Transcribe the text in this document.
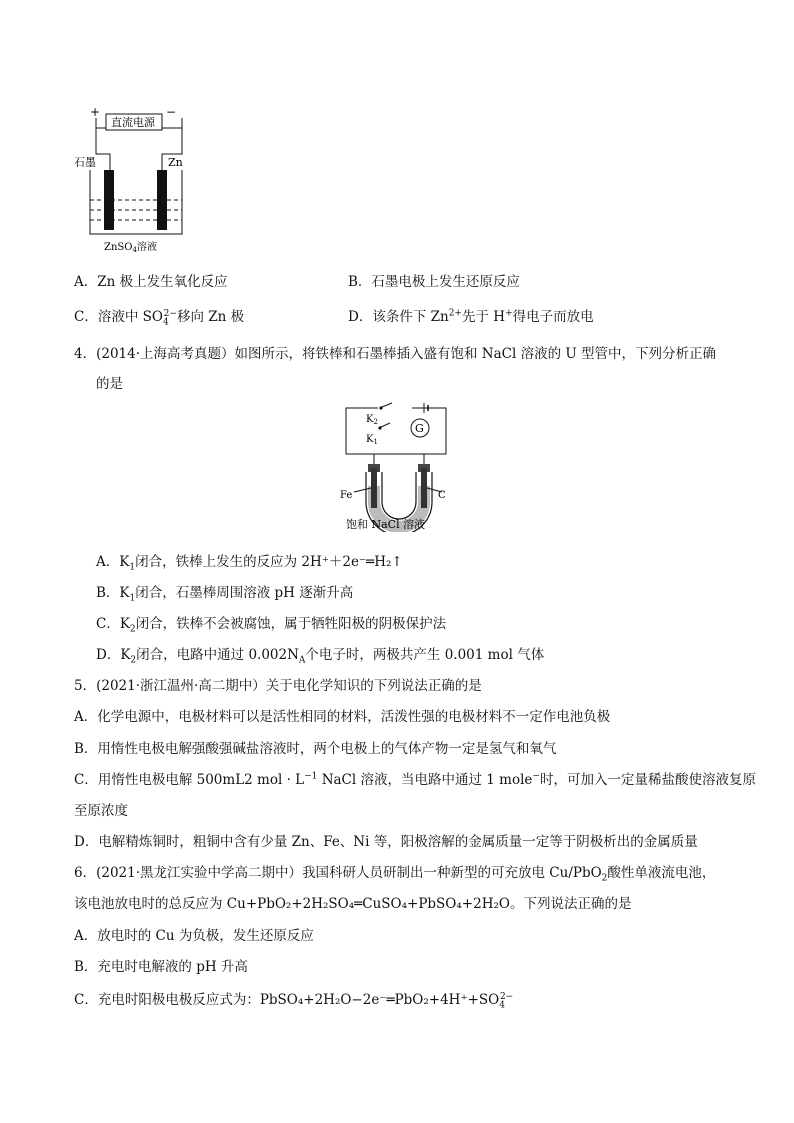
+	−
直流电源
石墨	Zn
ZnSO$_4$溶液
A．Zn 极上发生氧化反应	B．石墨电极上发生还原反应
C．溶液中 $SO_4^{2-}$移向 Zn 极	D．该条件下 $Zn^{2+}$先于 H+得电子而放电
4．(2014·上海高考真题）如图所示，将铁棒和石墨棒插入盛有饱和 NaCl 溶液的 U 型管中，下列分析正确
的是
$K_2$
$K_1$
G
Fe	C
饱和 NaCl 溶液
A．$K_1$闭合，铁棒上发生的反应为 2H⁺＋2e⁻═H₂↑
B．$K_1$闭合，石墨棒周围溶液 pH 逐渐升高
C．$K_2$闭合，铁棒不会被腐蚀，属于牺牲阳极的阴极保护法
D．$K_2$闭合，电路中通过 $0.002N_A$个电子时，两极共产生 0.001 mol 气体
5．(2021·浙江温州·高二期中）关于电化学知识的下列说法正确的是
A．化学电源中，电极材料可以是活性相同的材料，活泼性强的电极材料不一定作电池负极
B．用惰性电极电解强酸强碱盐溶液时，两个电极上的气体产物一定是氢气和氧气
C．用惰性电极电解 500mL2 mol · $L^{-1}$ NaCl 溶液，当电路中通过 1 mole−时，可加入一定量稀盐酸使溶液复原
至原浓度
D．电解精炼铜时，粗铜中含有少量 Zn、Fe、Ni 等，阳极溶解的金属质量一定等于阴极析出的金属质量
6．(2021·黑龙江实验中学高二期中）我国科研人员研制出一种新型的可充放电 Cu/PbO$_2$酸性单液流电池，
该电池放电时的总反应为 Cu+PbO₂+2H₂SO₄═CuSO₄+PbSO₄+2H₂O。下列说法正确的是
A．放电时的 Cu 为负极，发生还原反应
B．充电时电解液的 pH 升高
C．充电时阳极电极反应式为：$PbSO_4+2H_2O-2e^-═PbO_2+4H^++SO_4^{2-}$
